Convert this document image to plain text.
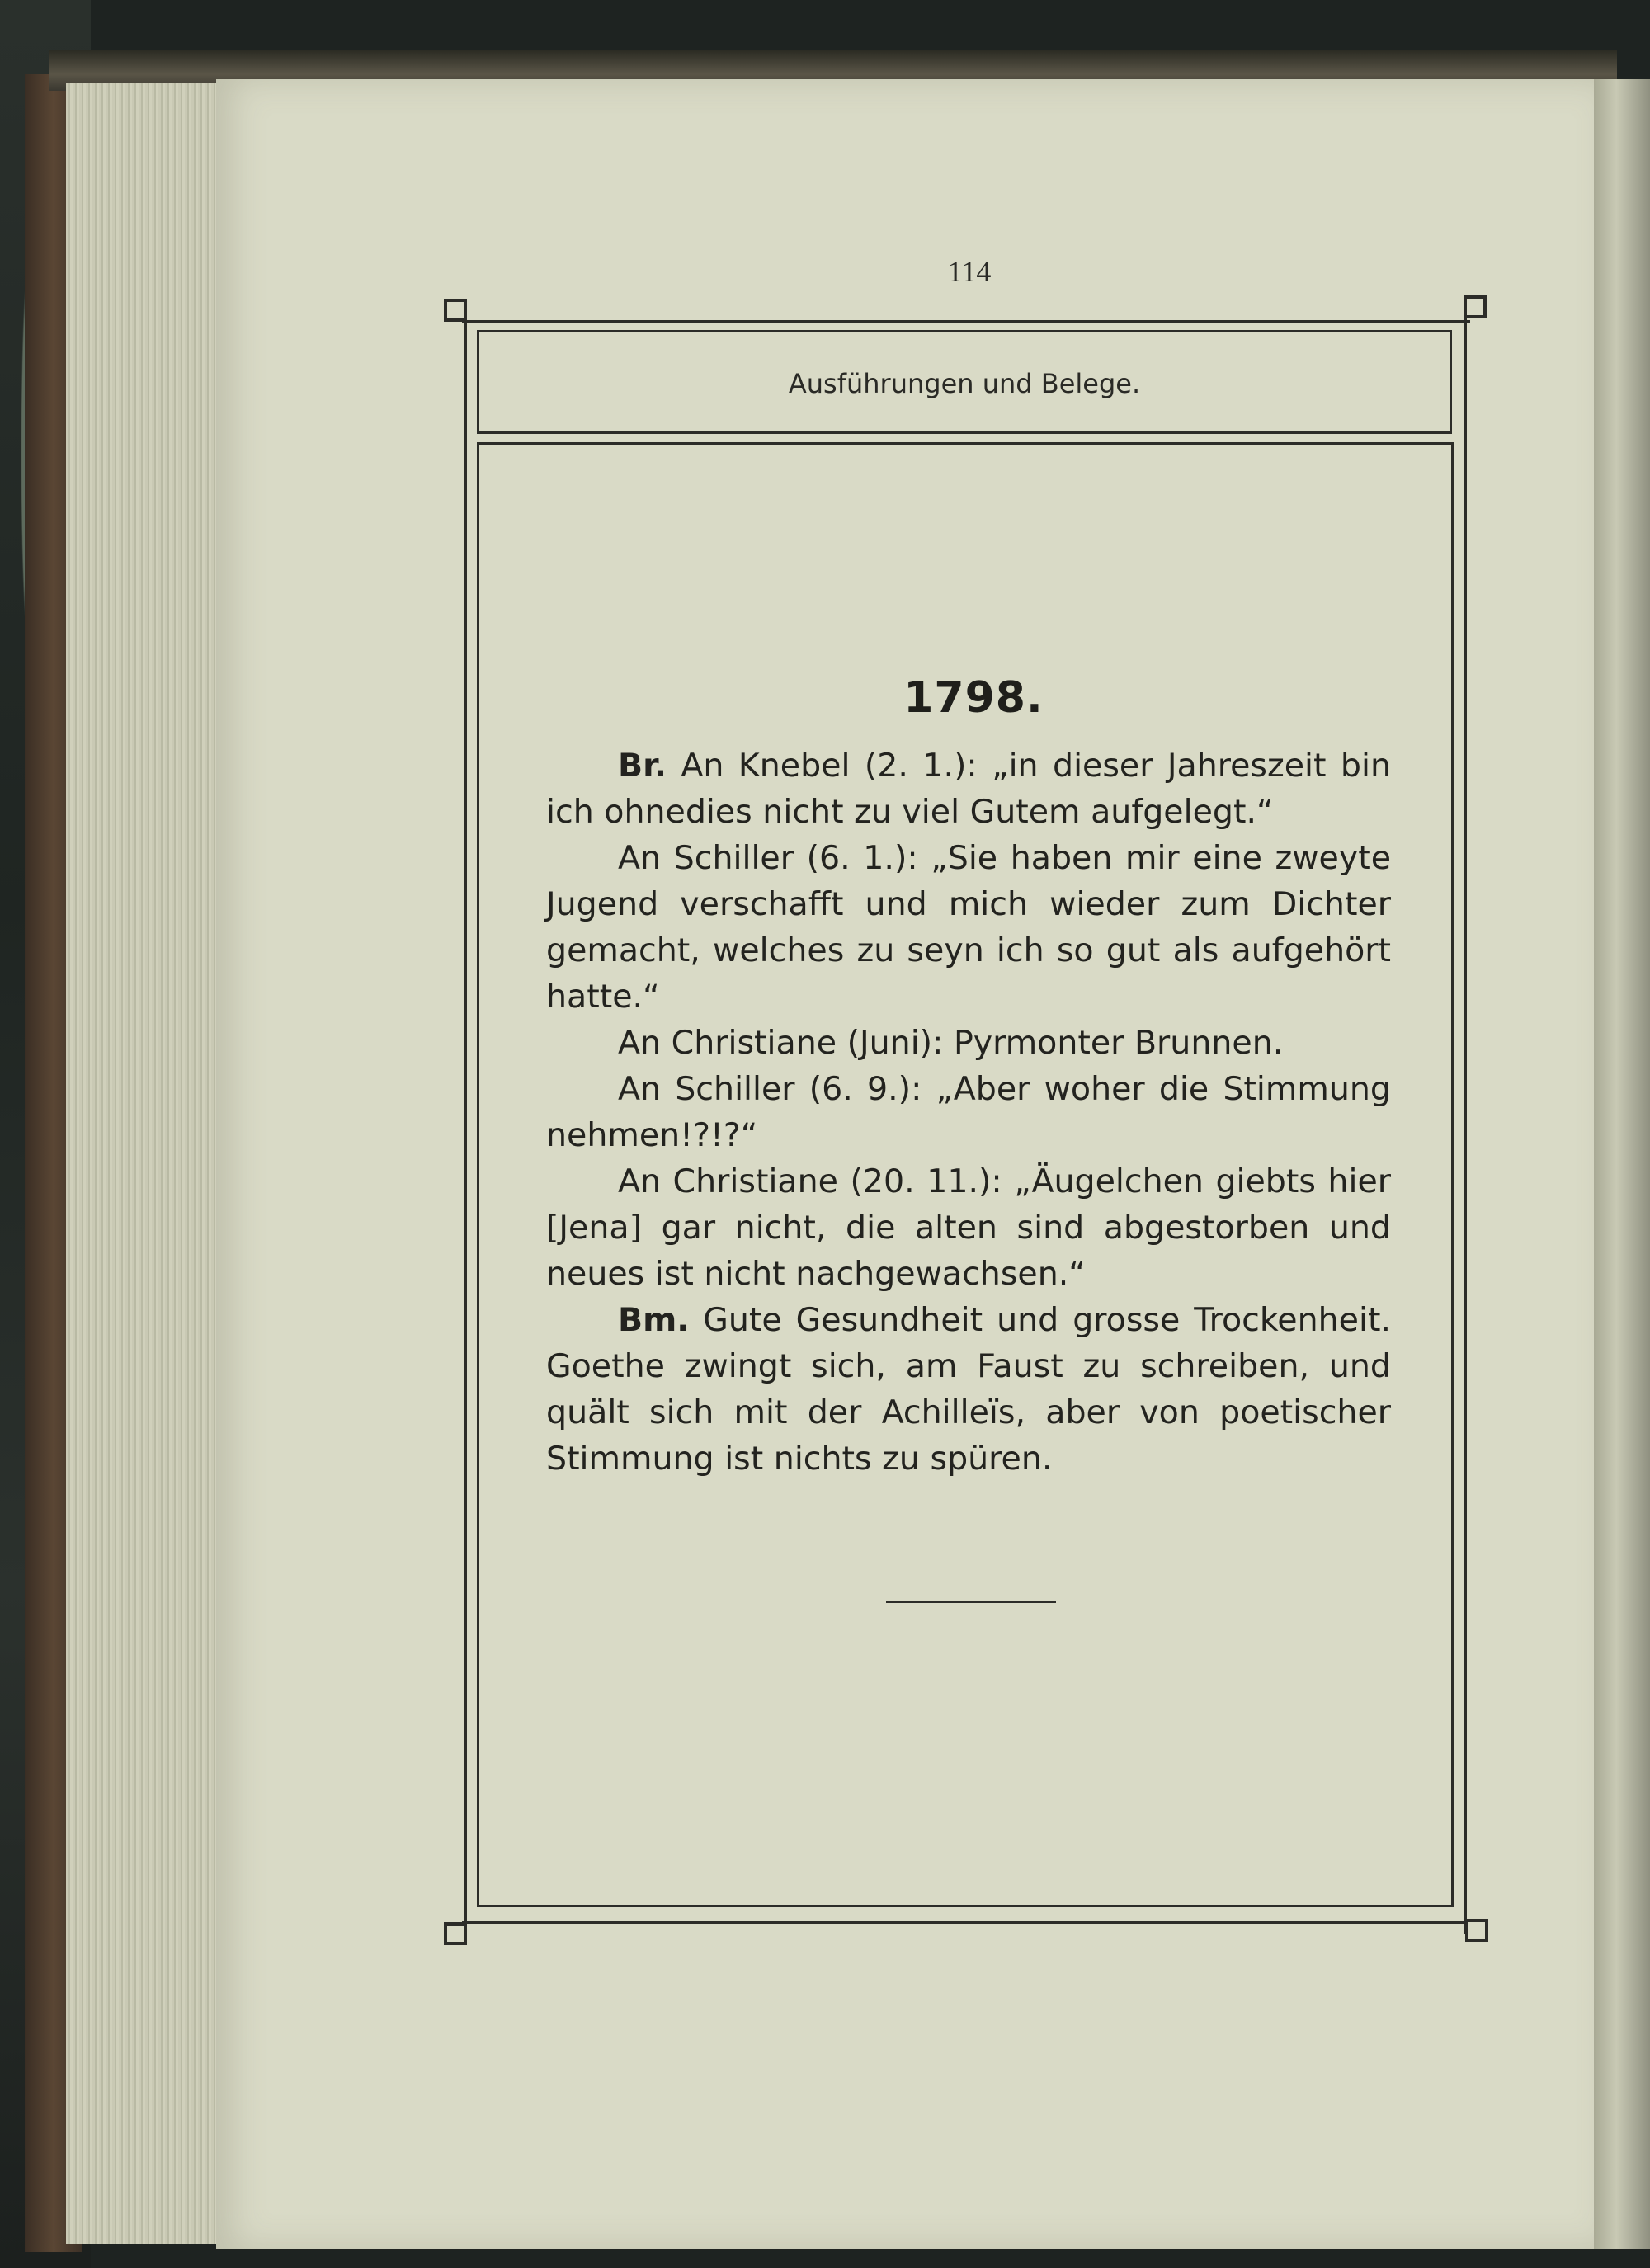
114
Ausführungen und Belege.
1798.

Br. An Knebel (2. 1.): „in dieser Jahreszeit bin ich ohnedies nicht zu viel Gutem aufgelegt.“

An Schiller (6. 1.): „Sie haben mir eine zweyte Jugend verschafft und mich wieder zum Dichter gemacht, welches zu seyn ich so gut als aufgehört hatte.“

An Christiane (Juni): Pyrmonter Brunnen.

An Schiller (6. 9.): „Aber woher die Stimmung nehmen!?!?“

An Christiane (20. 11.): „Äugelchen giebts hier [Jena] gar nicht, die alten sind abgestorben und neues ist nicht nachgewachsen.“

Bm. Gute Gesundheit und grosse Trockenheit. Goethe zwingt sich, am Faust zu schreiben, und quält sich mit der Achilleïs, aber von poetischer Stimmung ist nichts zu spüren.
